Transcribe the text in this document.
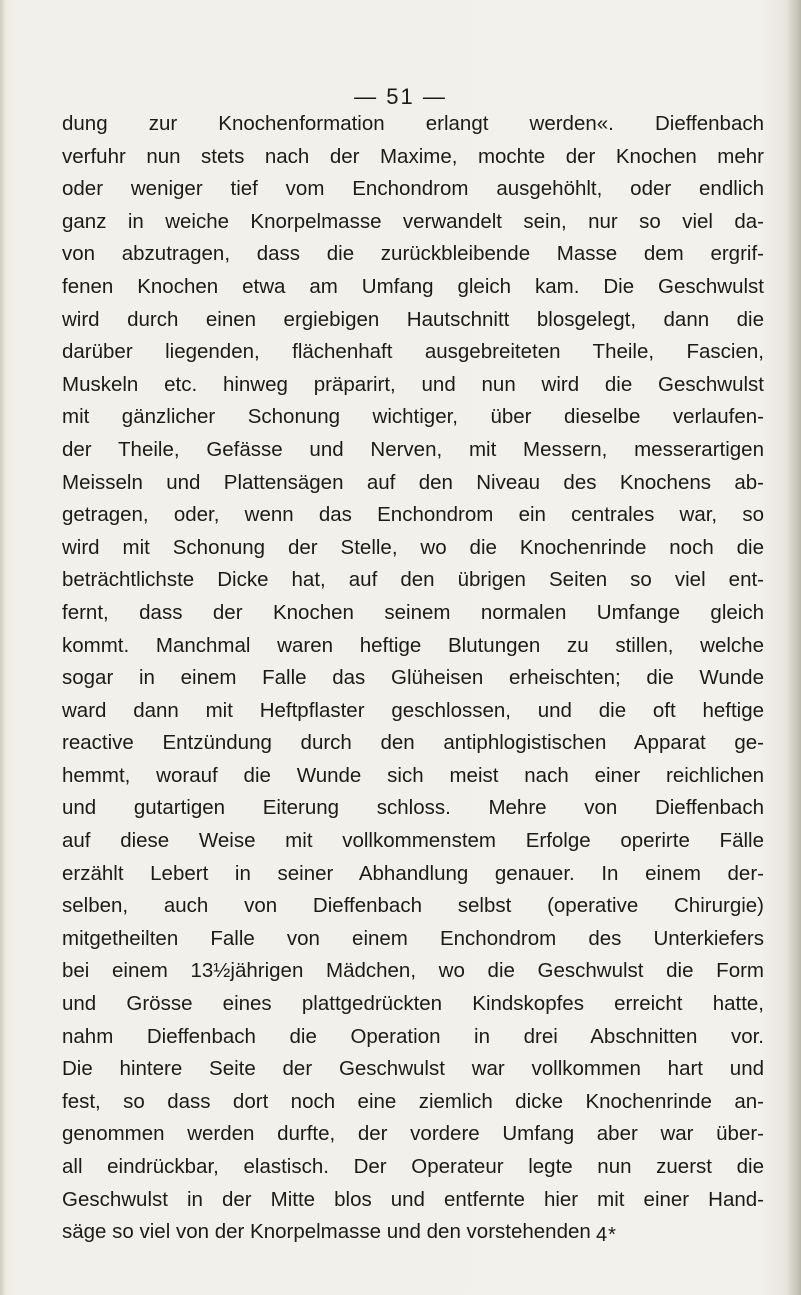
— 51 —
dung zur Knochenformation erlangt werden«. Dieffenbach
verfuhr nun stets nach der Maxime, mochte der Knochen mehr
oder weniger tief vom Enchondrom ausgehöhlt, oder endlich
ganz in weiche Knorpelmasse verwandelt sein, nur so viel da-
von abzutragen, dass die zurückbleibende Masse dem ergrif-
fenen Knochen etwa am Umfang gleich kam. Die Geschwulst
wird durch einen ergiebigen Hautschnitt blosgelegt, dann die
darüber liegenden, flächenhaft ausgebreiteten Theile, Fascien,
Muskeln etc. hinweg präparirt, und nun wird die Geschwulst
mit gänzlicher Schonung wichtiger, über dieselbe verlaufen-
der Theile, Gefässe und Nerven, mit Messern, messerartigen
Meisseln und Plattensägen auf den Niveau des Knochens ab-
getragen, oder, wenn das Enchondrom ein centrales war, so
wird mit Schonung der Stelle, wo die Knochenrinde noch die
beträchtlichste Dicke hat, auf den übrigen Seiten so viel ent-
fernt, dass der Knochen seinem normalen Umfange gleich
kommt. Manchmal waren heftige Blutungen zu stillen, welche
sogar in einem Falle das Glüheisen erheischten; die Wunde
ward dann mit Heftpflaster geschlossen, und die oft heftige
reactive Entzündung durch den antiphlogistischen Apparat ge-
hemmt, worauf die Wunde sich meist nach einer reichlichen
und gutartigen Eiterung schloss. Mehre von Dieffenbach
auf diese Weise mit vollkommenstem Erfolge operirte Fälle
erzählt Lebert in seiner Abhandlung genauer. In einem der-
selben, auch von Dieffenbach selbst (operative Chirurgie)
mitgetheilten Falle von einem Enchondrom des Unterkiefers
bei einem 13½jährigen Mädchen, wo die Geschwulst die Form
und Grösse eines plattgedrückten Kindskopfes erreicht hatte,
nahm Dieffenbach die Operation in drei Abschnitten vor.
Die hintere Seite der Geschwulst war vollkommen hart und
fest, so dass dort noch eine ziemlich dicke Knochenrinde an-
genommen werden durfte, der vordere Umfang aber war über-
all eindrückbar, elastisch. Der Operateur legte nun zuerst die
Geschwulst in der Mitte blos und entfernte hier mit einer Hand-
säge so viel von der Knorpelmasse und den vorstehenden 4*
